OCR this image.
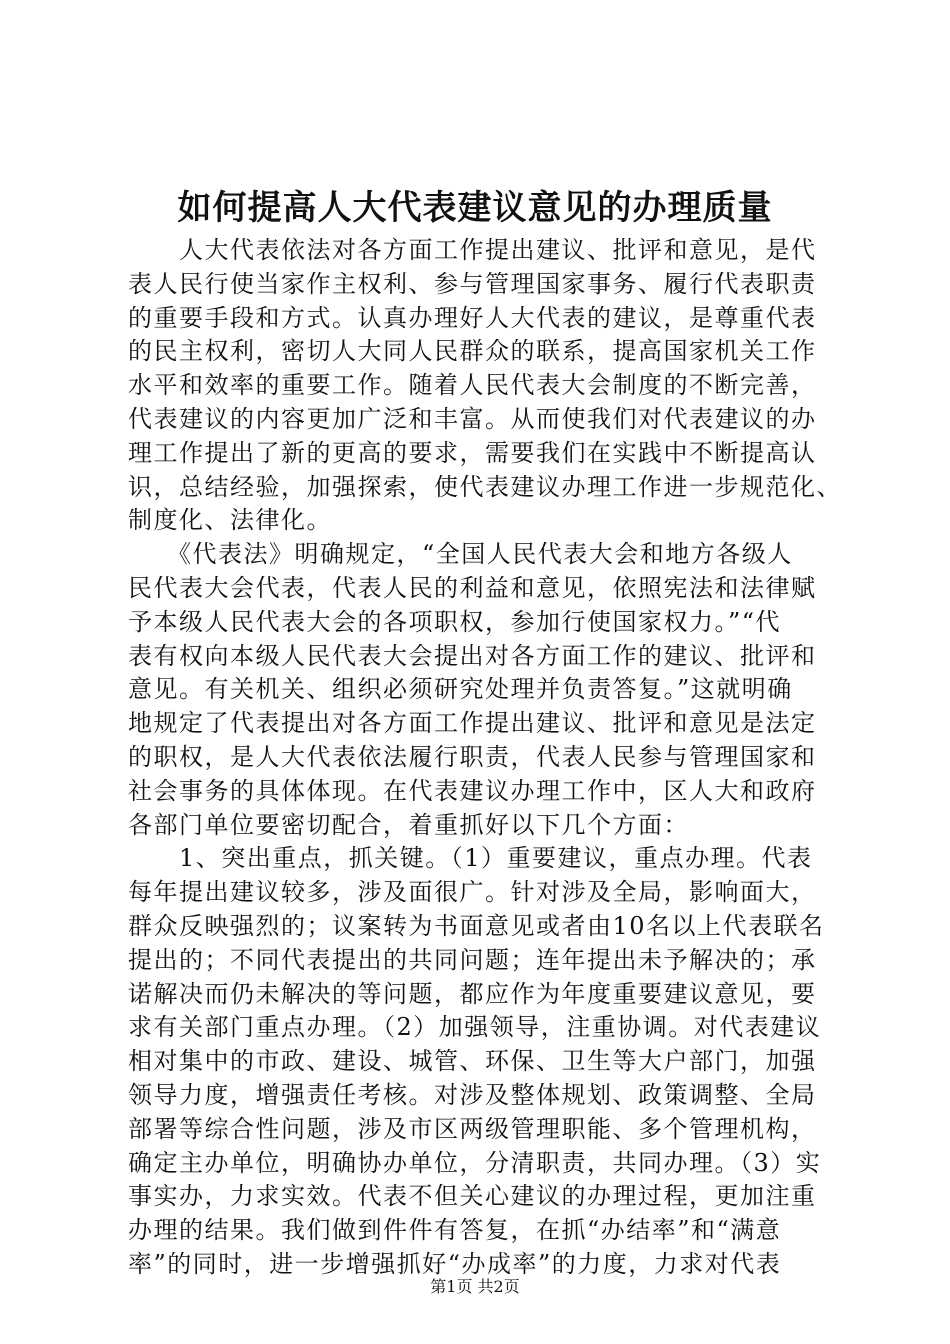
如何提高人大代表建议意见的办理质量
　　人大代表依法对各方面工作提出建议、批评和意见，是代
表人民行使当家作主权利、参与管理国家事务、履行代表职责
的重要手段和方式。认真办理好人大代表的建议，是尊重代表
的民主权利，密切人大同人民群众的联系，提高国家机关工作
水平和效率的重要工作。随着人民代表大会制度的不断完善，
代表建议的内容更加广泛和丰富。从而使我们对代表建议的办
理工作提出了新的更高的要求，需要我们在实践中不断提高认
识，总结经验，加强探索，使代表建议办理工作进一步规范化、
制度化、法律化。
　　《代表法》明确规定，“全国人民代表大会和地方各级人
民代表大会代表，代表人民的利益和意见，依照宪法和法律赋
予本级人民代表大会的各项职权，参加行使国家权力。”“代
表有权向本级人民代表大会提出对各方面工作的建议、批评和
意见。有关机关、组织必须研究处理并负责答复。”这就明确
地规定了代表提出对各方面工作提出建议、批评和意见是法定
的职权，是人大代表依法履行职责，代表人民参与管理国家和
社会事务的具体体现。在代表建议办理工作中，区人大和政府
各部门单位要密切配合，着重抓好以下几个方面：
　　1、突出重点，抓关键。（1）重要建议，重点办理。代表
每年提出建议较多，涉及面很广。针对涉及全局，影响面大，
群众反映强烈的；议案转为书面意见或者由10名以上代表联名
提出的；不同代表提出的共同问题；连年提出未予解决的；承
诺解决而仍未解决的等问题，都应作为年度重要建议意见，要
求有关部门重点办理。（2）加强领导，注重协调。对代表建议
相对集中的市政、建设、城管、环保、卫生等大户部门，加强
领导力度，增强责任考核。对涉及整体规划、政策调整、全局
部署等综合性问题，涉及市区两级管理职能、多个管理机构，
确定主办单位，明确协办单位，分清职责，共同办理。（3）实
事实办，力求实效。代表不但关心建议的办理过程，更加注重
办理的结果。我们做到件件有答复，在抓“办结率”和“满意
率”的同时，进一步增强抓好“办成率”的力度，力求对代表
第1页 共2页
